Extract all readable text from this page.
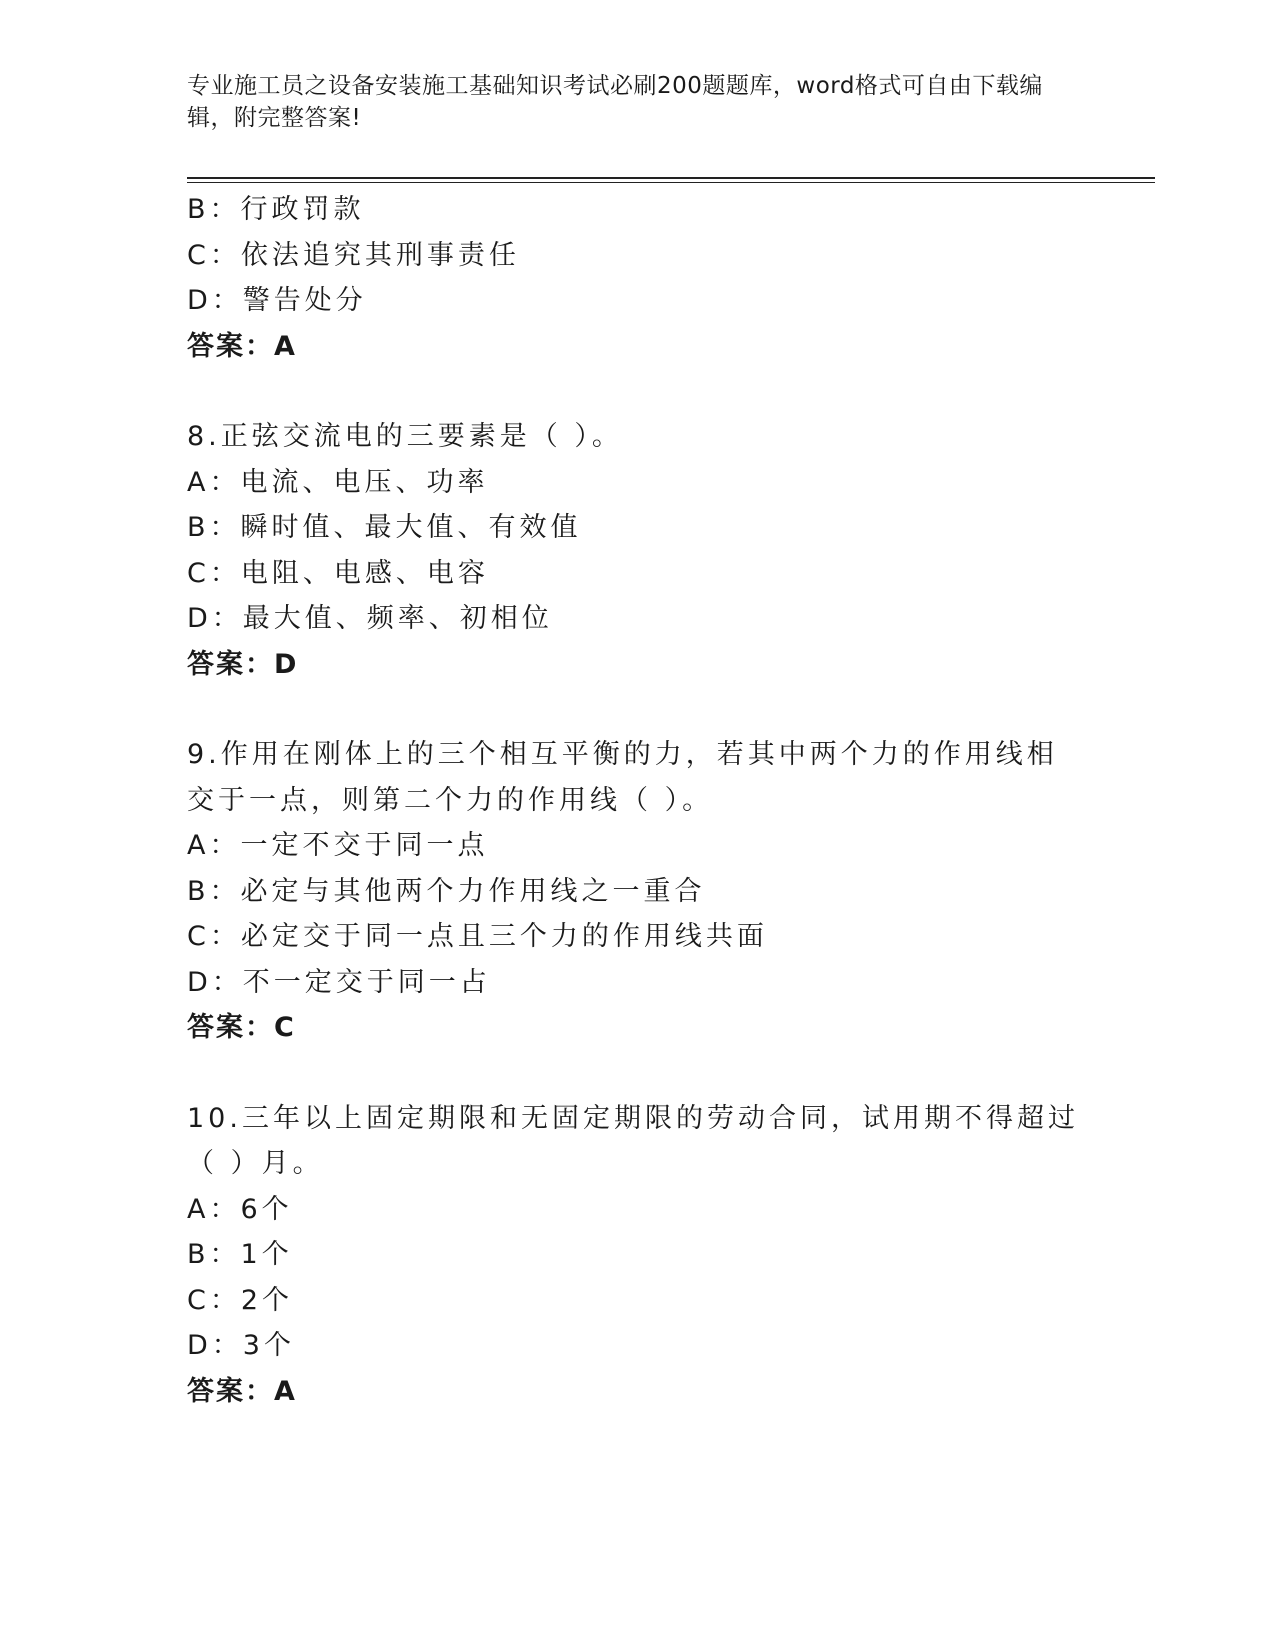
专业施工员之设备安装施工基础知识考试必刷200题题库，word格式可自由下载编辑，附完整答案!
B：行政罚款
C：依法追究其刑事责任
D：警告处分
答案：A
8.正弦交流电的三要素是（ ）。
A：电流、电压、功率
B：瞬时值、最大值、有效值
C：电阻、电感、电容
D：最大值、频率、初相位
答案：D
9.作用在刚体上的三个相互平衡的力，若其中两个力的作用线相交于一点，则第二个力的作用线（ ）。
A：一定不交于同一点
B：必定与其他两个力作用线之一重合
C：必定交于同一点且三个力的作用线共面
D：不一定交于同一占
答案：C
10.三年以上固定期限和无固定期限的劳动合同，试用期不得超过（ ）月。
A：6个
B：1个
C：2个
D：3个
答案：A
